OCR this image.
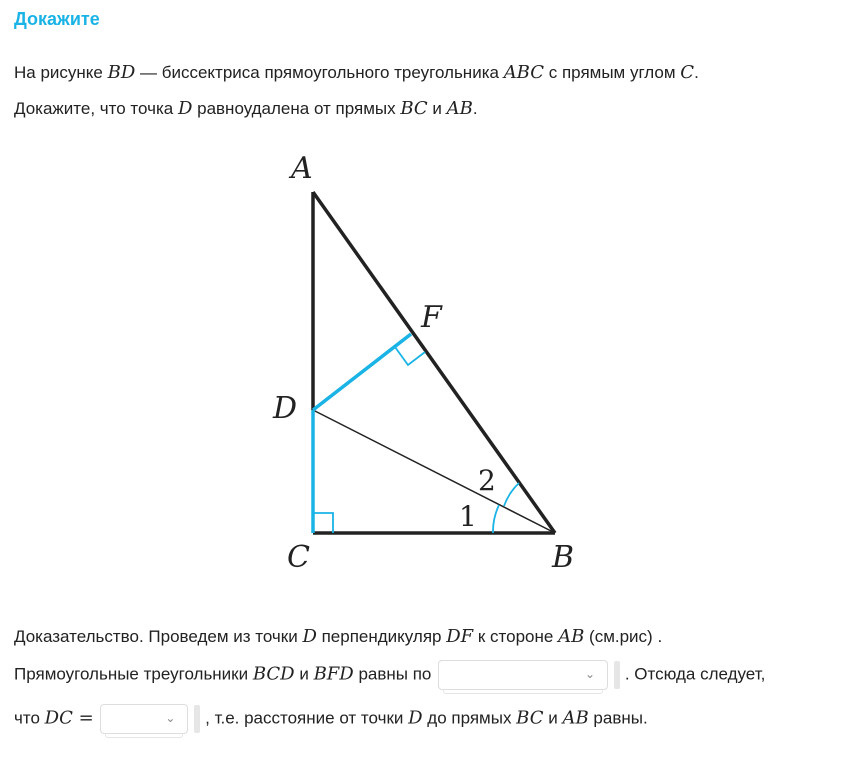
Докажите
На рисунке BD — биссектриса прямоугольного треугольника ABC с прямым углом C.
Докажите, что точка D равноудалена от прямых BC и AB.
A
F
D
C	B
1
2
Доказательство. Проведем из точки D перпендикуляр DF к стороне AB (см.рис) .
Прямоугольные треугольники BCD и BFD равны по	⌄ . Отсюда следует,
что DC =	⌄ , т.е. расстояние от точки D до прямых BC и AB равны.
